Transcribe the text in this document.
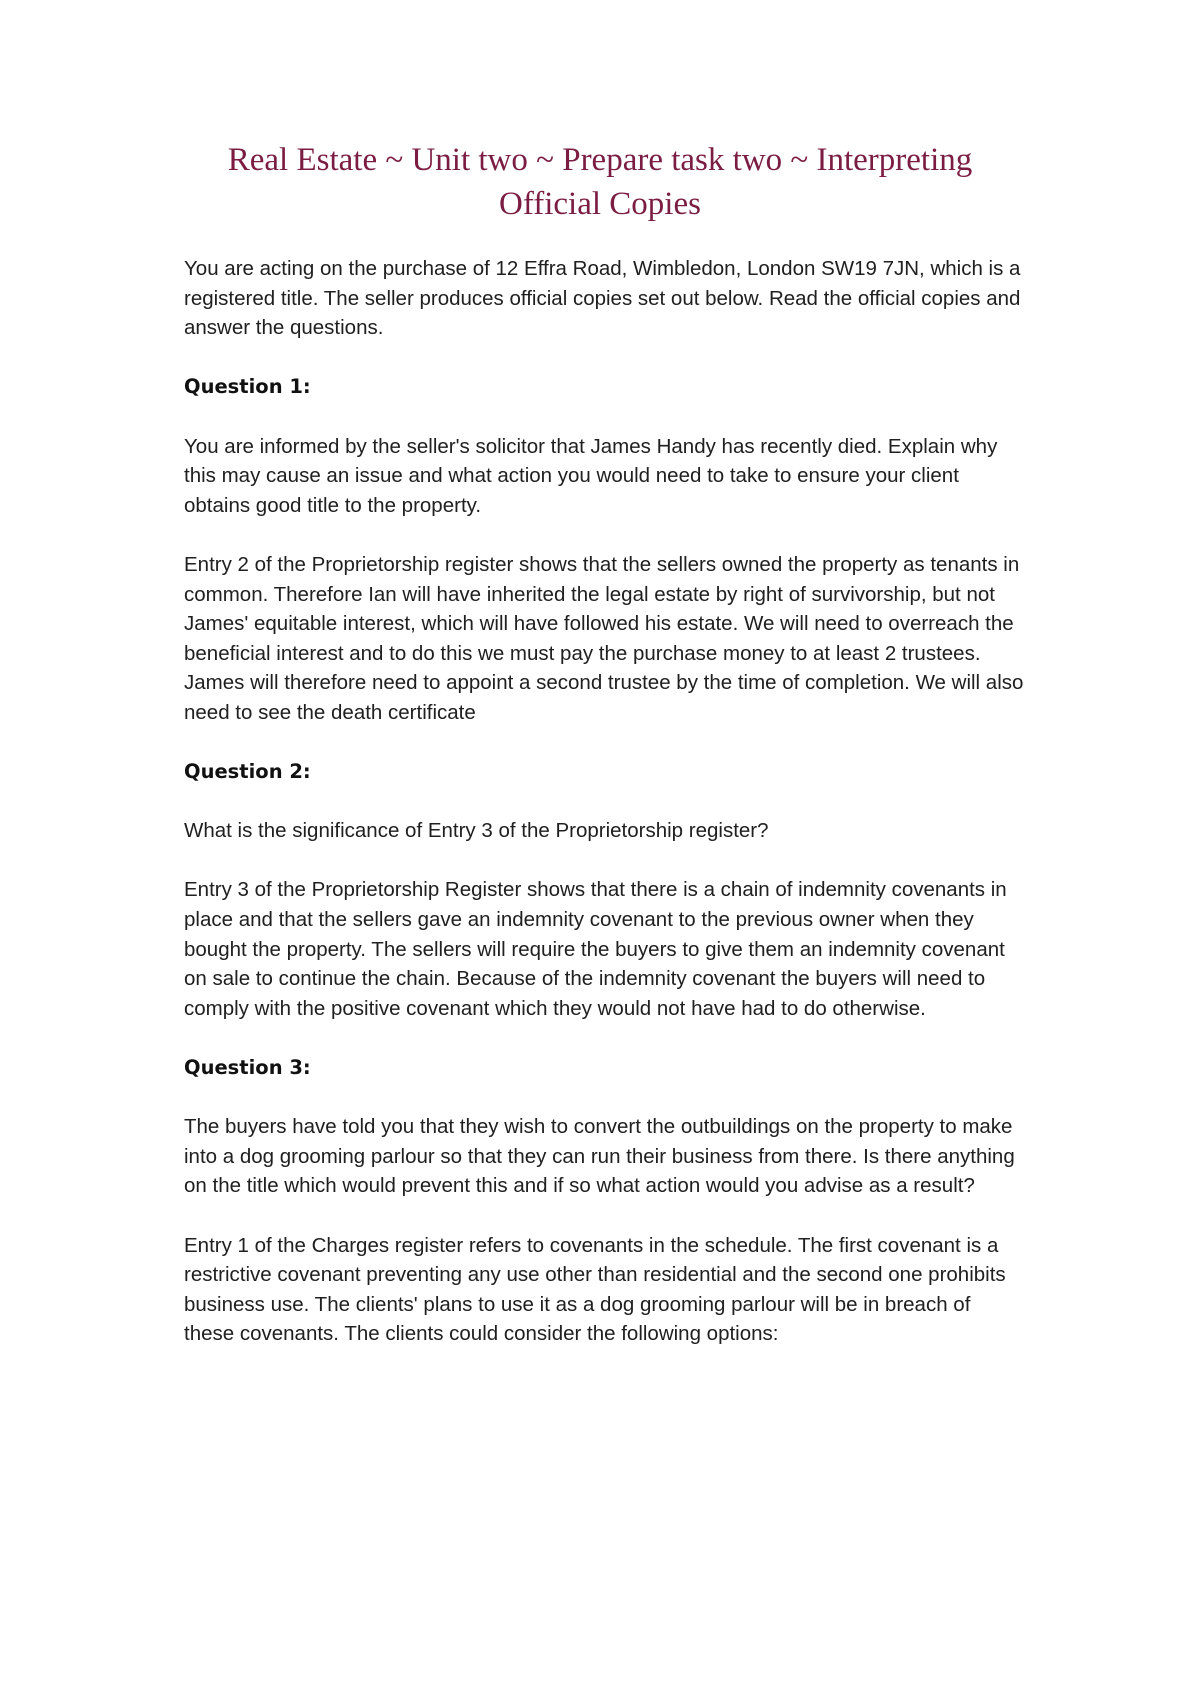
Real Estate ~ Unit two ~ Prepare task two ~ Interpreting Official Copies

You are acting on the purchase of 12 Effra Road, Wimbledon, London SW19 7JN, which is a registered title. The seller produces official copies set out below. Read the official copies and answer the questions.

Question 1:

You are informed by the seller's solicitor that James Handy has recently died. Explain why this may cause an issue and what action you would need to take to ensure your client obtains good title to the property.

Entry 2 of the Proprietorship register shows that the sellers owned the property as tenants in common. Therefore Ian will have inherited the legal estate by right of survivorship, but not James' equitable interest, which will have followed his estate. We will need to overreach the beneficial interest and to do this we must pay the purchase money to at least 2 trustees. James will therefore need to appoint a second trustee by the time of completion. We will also need to see the death certificate

Question 2:

What is the significance of Entry 3 of the Proprietorship register?

Entry 3 of the Proprietorship Register shows that there is a chain of indemnity covenants in place and that the sellers gave an indemnity covenant to the previous owner when they bought the property. The sellers will require the buyers to give them an indemnity covenant on sale to continue the chain. Because of the indemnity covenant the buyers will need to comply with the positive covenant which they would not have had to do otherwise.

Question 3:

The buyers have told you that they wish to convert the outbuildings on the property to make into a dog grooming parlour so that they can run their business from there. Is there anything on the title which would prevent this and if so what action would you advise as a result?

Entry 1 of the Charges register refers to covenants in the schedule. The first covenant is a restrictive covenant preventing any use other than residential and the second one prohibits business use. The clients' plans to use it as a dog grooming parlour will be in breach of these covenants. The clients could consider the following options:
